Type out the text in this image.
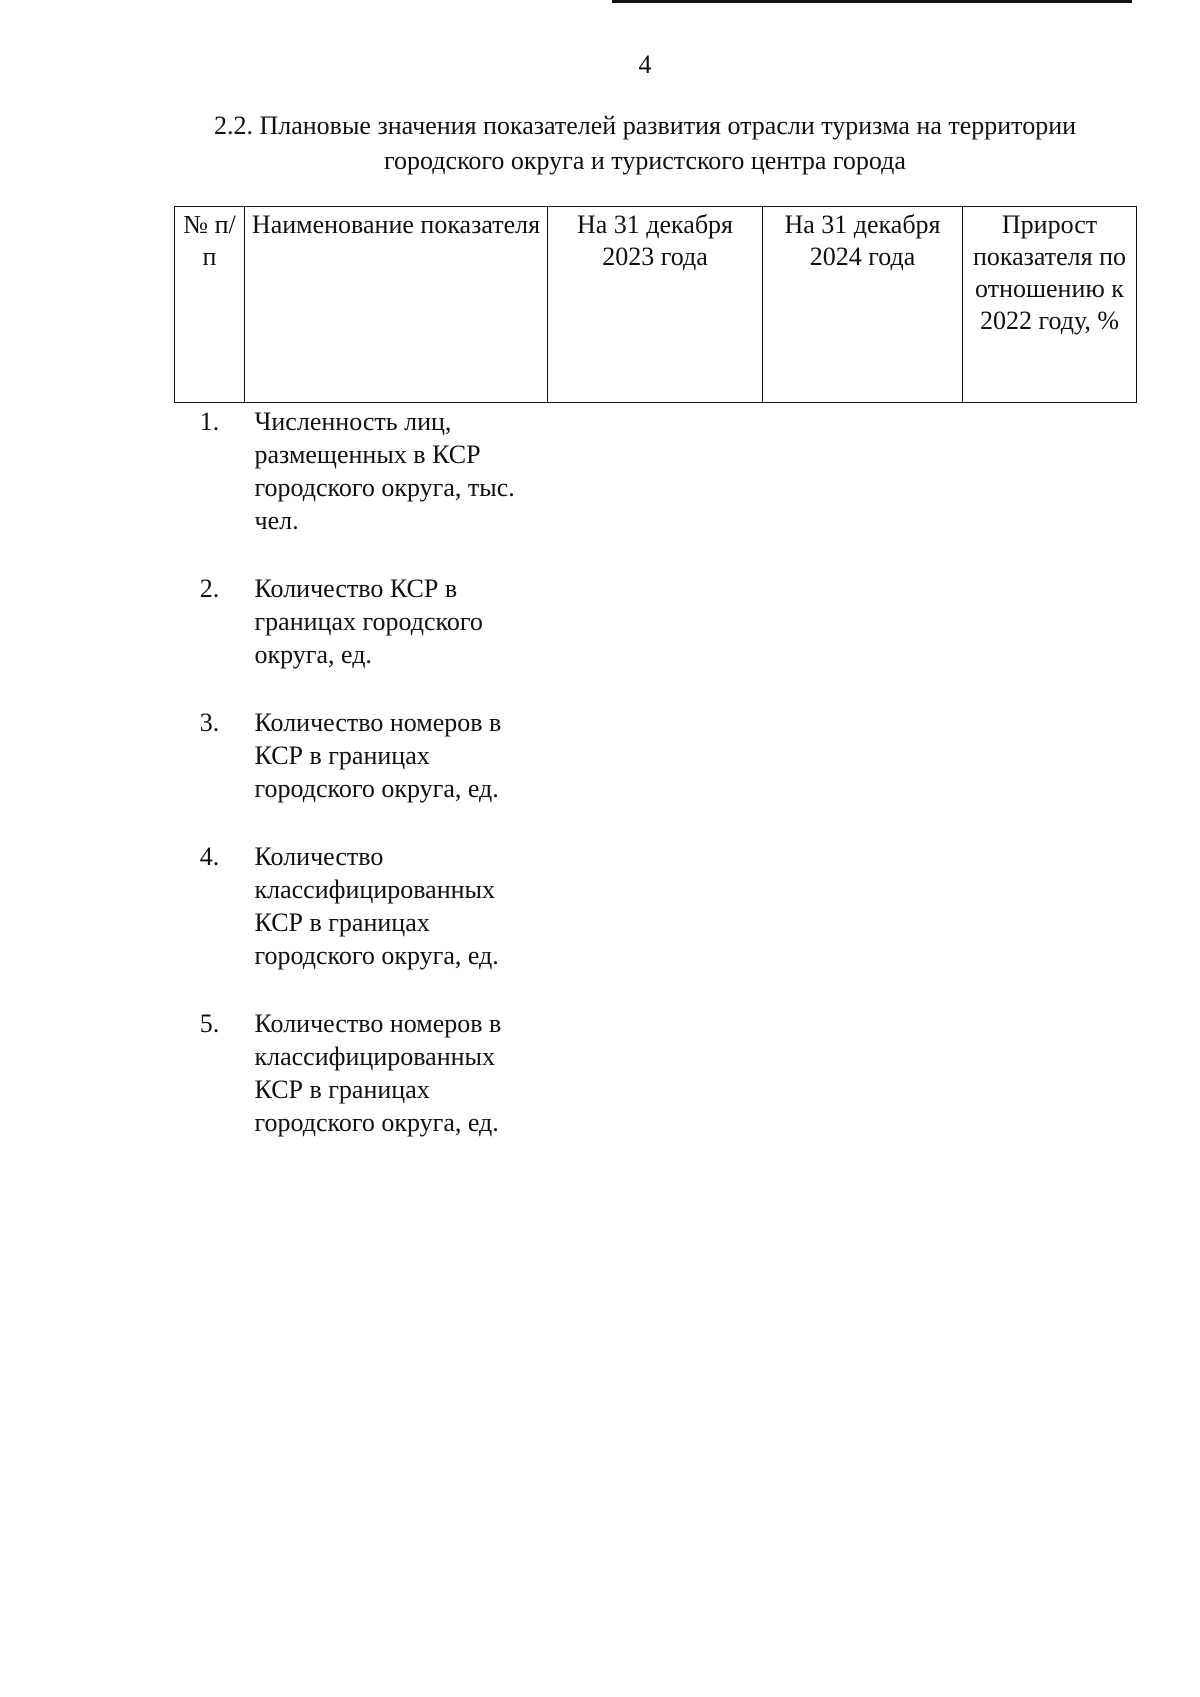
4
2.2. Плановые значения показателей развития отрасли туризма на территории
городского округа и туристского центра города
№ п/п	Наименование показателя	На 31 декабря 2023 года	На 31 декабря 2024 года	Прирост показателя по отношению к 2022 году, %
1.	Численность лиц, размещенных в КСР городского округа, тыс. чел.			
2.	Количество КСР в границах городского округа, ед.			
3.	Количество номеров в КСР в границах городского округа, ед.			
4.	Количество классифицированных КСР в границах городского округа, ед.			
5.	Количество номеров в классифицированных КСР в границах городского округа, ед.			
